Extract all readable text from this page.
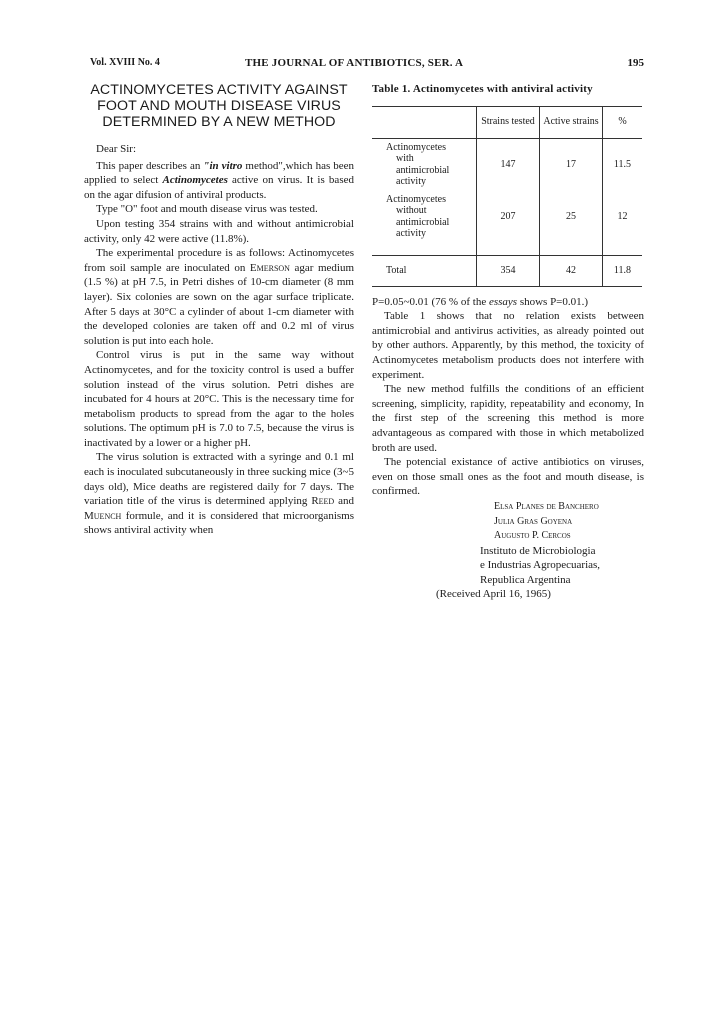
Vol. XVIII No. 4	THE JOURNAL OF ANTIBIOTICS, SER. A	195
ACTINOMYCETES ACTIVITY AGAINST
FOOT AND MOUTH DISEASE VIRUS
DETERMINED BY A NEW METHOD

Dear Sir:

This paper describes an "in vitro method",which has been applied to select Actinomycetes active on virus. It is based on the agar difusion of antiviral products.

Type "O" foot and mouth disease virus was tested.

Upon testing 354 strains with and without antimicrobial activity, only 42 were active (11.8%).

The experimental procedure is as follows: Actinomycetes from soil sample are inoculated on Emerson agar medium (1.5 %) at pH 7.5, in Petri dishes of 10-cm diameter (8 mm layer). Six colonies are sown on the agar surface triplicate. After 5 days at 30°C a cylinder of about 1-cm diameter with the developed colonies are taken off and 0.2 ml of virus solution is put into each hole.

Control virus is put in the same way without Actinomycetes, and for the toxicity control is used a buffer solution instead of the virus solution. Petri dishes are incubated for 4 hours at 20°C. This is the necessary time for metabolism products to spread from the agar to the holes solutions. The optimum pH is 7.0 to 7.5, because the virus is inactivated by a lower or a higher pH.

The virus solution is extracted with a syringe and 0.1 ml each is inoculated subcutaneously in three sucking mice (3~5 days old), Mice deaths are registered daily for 7 days. The variation title of the virus is determined applying Reed and Muench formule, and it is considered that microorganisms shows antiviral activity when

Table 1. Actinomycetes with antiviral activity
	Strains tested	Active strains	%

Actinomycetes
with
antimicrobial
activity	147	17	11.5

Actinomycetes
without
antimicrobial
activity	207	25	12

Total	354	42	11.8

P=0.05~0.01 (76 % of the essays shows P=0.01.)

Table 1 shows that no relation exists between antimicrobial and antivirus activities, as already pointed out by other authors. Apparently, by this method, the toxicity of Actinomycetes metabolism products does not interfere with experiment.

The new method fulfills the conditions of an efficient screening, simplicity, rapidity, repeatability and economy, In the first step of the screening this method is more advantageous as compared with those in which metabolized broth are used.

The potencial existance of active antibiotics on viruses, even on those small ones as the foot and mouth disease, is confirmed.

Elsa Planes de Banchero
Julia Gras Goyena
Augusto P. Cercos
Instituto de Microbiologia
e Industrias Agropecuarias,
Republica Argentina
(Received April 16, 1965)
